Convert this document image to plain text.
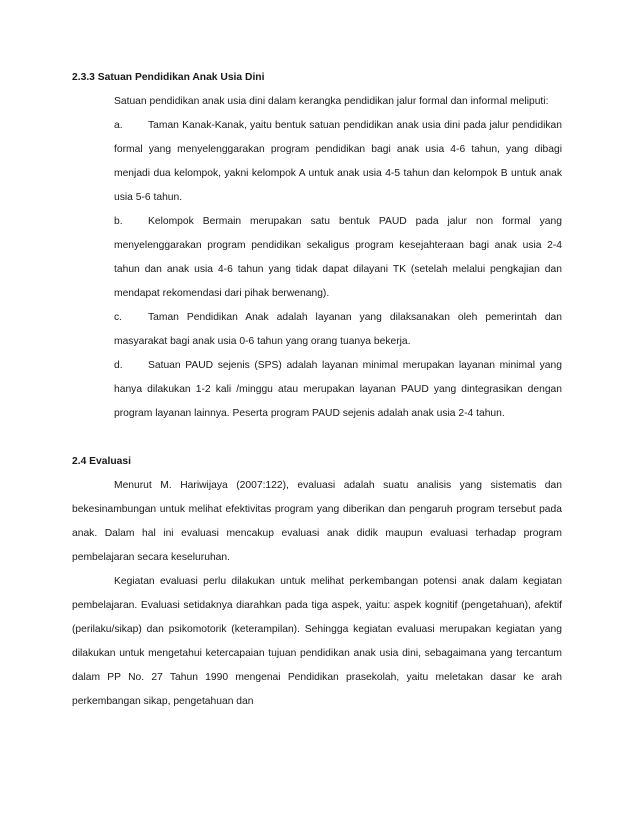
2.3.3 Satuan Pendidikan Anak Usia Dini

Satuan pendidikan anak usia dini dalam kerangka pendidikan jalur formal dan informal meliputi:

a. Taman Kanak-Kanak, yaitu bentuk satuan pendidikan anak usia dini pada jalur pendidikan formal yang menyelenggarakan program pendidikan bagi anak usia 4-6 tahun, yang dibagi menjadi dua kelompok, yakni kelompok A untuk anak usia 4-5 tahun dan kelompok B untuk anak usia 5-6 tahun.
b. Kelompok Bermain merupakan satu bentuk PAUD pada jalur non formal yang menyelenggarakan program pendidikan sekaligus program kesejahteraan bagi anak usia 2-4 tahun dan anak usia 4-6 tahun yang tidak dapat dilayani TK (setelah melalui pengkajian dan mendapat rekomendasi dari pihak berwenang).
c.	Taman Pendidikan Anak adalah layanan yang dilaksanakan oleh pemerintah dan masyarakat bagi anak usia 0-6 tahun yang orang tuanya bekerja.
d. Satuan PAUD sejenis (SPS) adalah layanan minimal merupakan layanan minimal yang hanya dilakukan 1-2 kali /minggu atau merupakan layanan PAUD yang dintegrasikan dengan program layanan lainnya. Peserta program PAUD sejenis adalah anak usia 2-4 tahun.

2.4 Evaluasi

Menurut M. Hariwijaya (2007:122), evaluasi adalah suatu analisis yang sistematis dan bekesinambungan untuk melihat efektivitas program yang diberikan dan pengaruh program tersebut pada anak. Dalam hal ini evaluasi mencakup evaluasi anak didik maupun evaluasi terhadap program pembelajaran secara keseluruhan.

Kegiatan evaluasi perlu dilakukan untuk melihat perkembangan potensi anak dalam kegiatan pembelajaran. Evaluasi setidaknya diarahkan pada tiga aspek, yaitu: aspek kognitif (pengetahuan), afektif (perilaku/sikap) dan psikomotorik (keterampilan). Sehingga kegiatan evaluasi merupakan kegiatan yang dilakukan untuk mengetahui ketercapaian tujuan pendidikan anak usia dini, sebagaimana yang tercantum dalam PP No. 27 Tahun 1990 mengenai Pendidikan prasekolah, yaitu meletakan dasar ke arah perkembangan sikap, pengetahuan dan
